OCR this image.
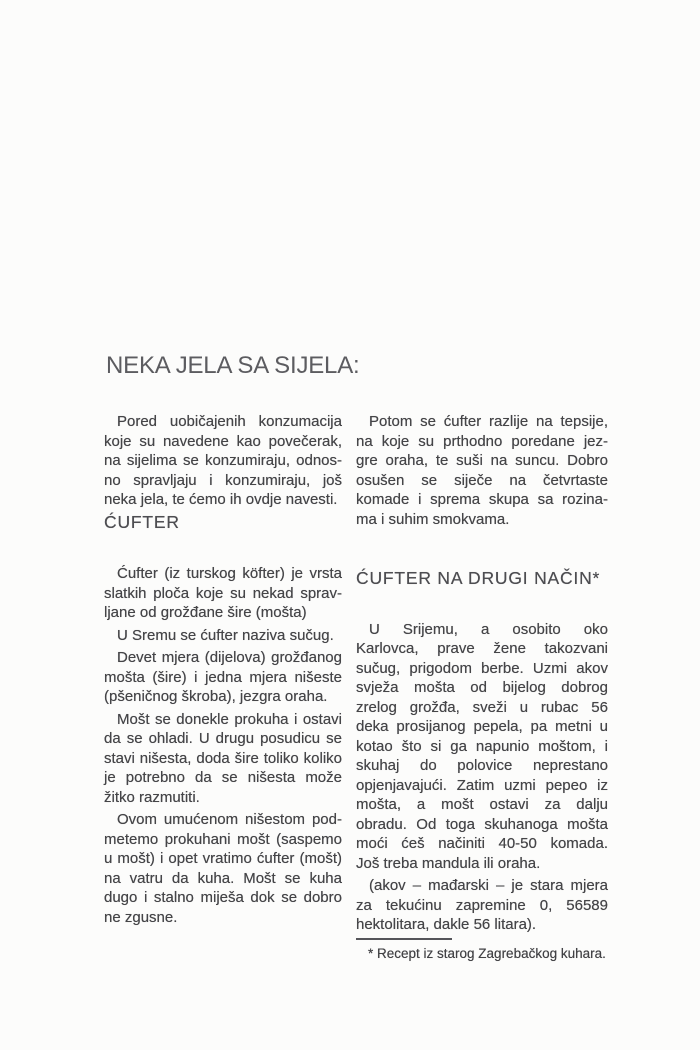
NEKA JELA SA SIJELA:
Pored uobičajenih konzumacija
koje su navedene kao povečerak,
na sijelima se konzumiraju, odnos-
no spravljaju i konzumiraju, još
neka jela, te ćemo ih ovdje navesti.
ĆUFTER
Ćufter (iz turskog köfter) je vrsta
slatkih ploča koje su nekad sprav-
ljane od grožđane šire (mošta)
U Sremu se ćufter naziva sučug.
Devet mjera (dijelova) grožđanog
mošta (šire) i jedna mjera nišeste
(pšeničnog škroba), jezgra oraha.
Mošt se donekle prokuha i ostavi
da se ohladi. U drugu posudicu se
stavi nišesta, doda šire toliko koliko
je potrebno da se nišesta može
žitko razmutiti.
Ovom umućenom nišestom pod-
metemo prokuhani mošt (saspemo
u mošt) i opet vratimo ćufter (mošt)
na vatru da kuha. Mošt se kuha
dugo i stalno miješa dok se dobro
ne zgusne.
Potom se ćufter razlije na tepsije,
na koje su prthodno poredane jez-
gre oraha, te suši na suncu. Dobro
osušen se siječe na četvrtaste
komade i sprema skupa sa rozina-
ma i suhim smokvama.
ĆUFTER NA DRUGI NAČIN*
U Srijemu, a osobito oko
Karlovca, prave žene takozvani
sučug, prigodom berbe. Uzmi akov
svježa mošta od bijelog dobrog
zrelog grožđa, sveži u rubac 56
deka prosijanog pepela, pa metni u
kotao što si ga napunio moštom, i
skuhaj do polovice neprestano
opjenjavajući. Zatim uzmi pepeo iz
mošta, a mošt ostavi za dalju
obradu. Od toga skuhanoga mošta
moći ćeš načiniti 40-50 komada.
Još treba mandula ili oraha.
(akov – mađarski – je stara mjera
za tekućinu zapremine 0, 56589
hektolitara, dakle 56 litara).
* Recept iz starog Zagrebačkog kuhara.
